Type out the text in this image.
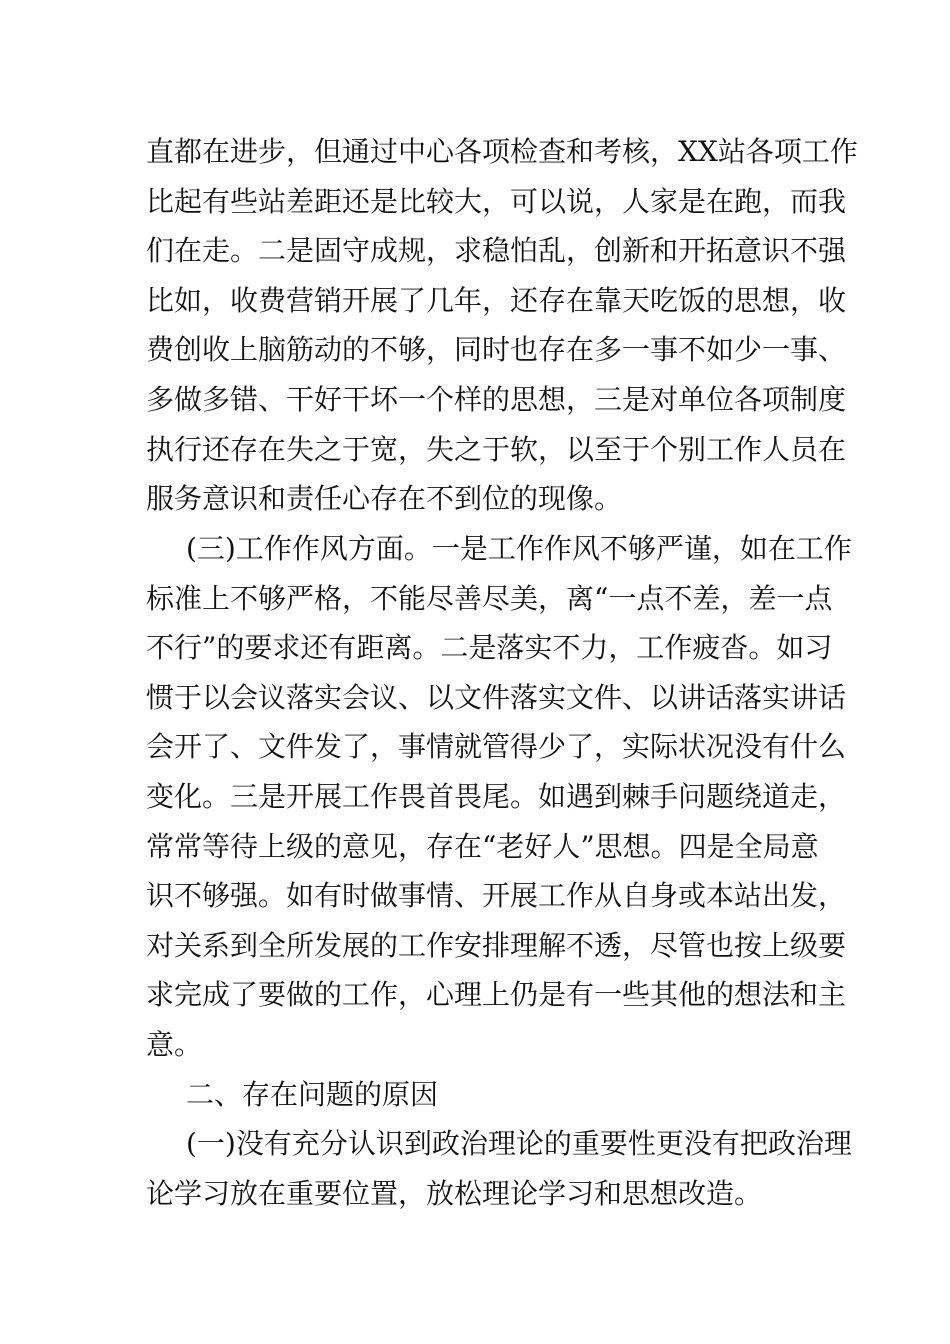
直都在进步，但通过中心各项检查和考核，XX站各项工作
比起有些站差距还是比较大，可以说，人家是在跑，而我
们在走。二是固守成规，求稳怕乱，创新和开拓意识不强
比如，收费营销开展了几年，还存在靠天吃饭的思想，收
费创收上脑筋动的不够，同时也存在多一事不如少一事、
多做多错、干好干坏一个样的思想，三是对单位各项制度
执行还存在失之于宽，失之于软，以至于个别工作人员在
服务意识和责任心存在不到位的现像。
(三)工作作风方面。一是工作作风不够严谨，如在工作
标准上不够严格，不能尽善尽美，离“一点不差，差一点
不行”的要求还有距离。二是落实不力，工作疲沓。如习
惯于以会议落实会议、以文件落实文件、以讲话落实讲话
会开了、文件发了，事情就管得少了，实际状况没有什么
变化。三是开展工作畏首畏尾。如遇到棘手问题绕道走，
常常等待上级的意见，存在“老好人”思想。四是全局意
识不够强。如有时做事情、开展工作从自身或本站出发，
对关系到全所发展的工作安排理解不透，尽管也按上级要
求完成了要做的工作，心理上仍是有一些其他的想法和主
意。
二、存在问题的原因
(一)没有充分认识到政治理论的重要性更没有把政治理
论学习放在重要位置，放松理论学习和思想改造。
